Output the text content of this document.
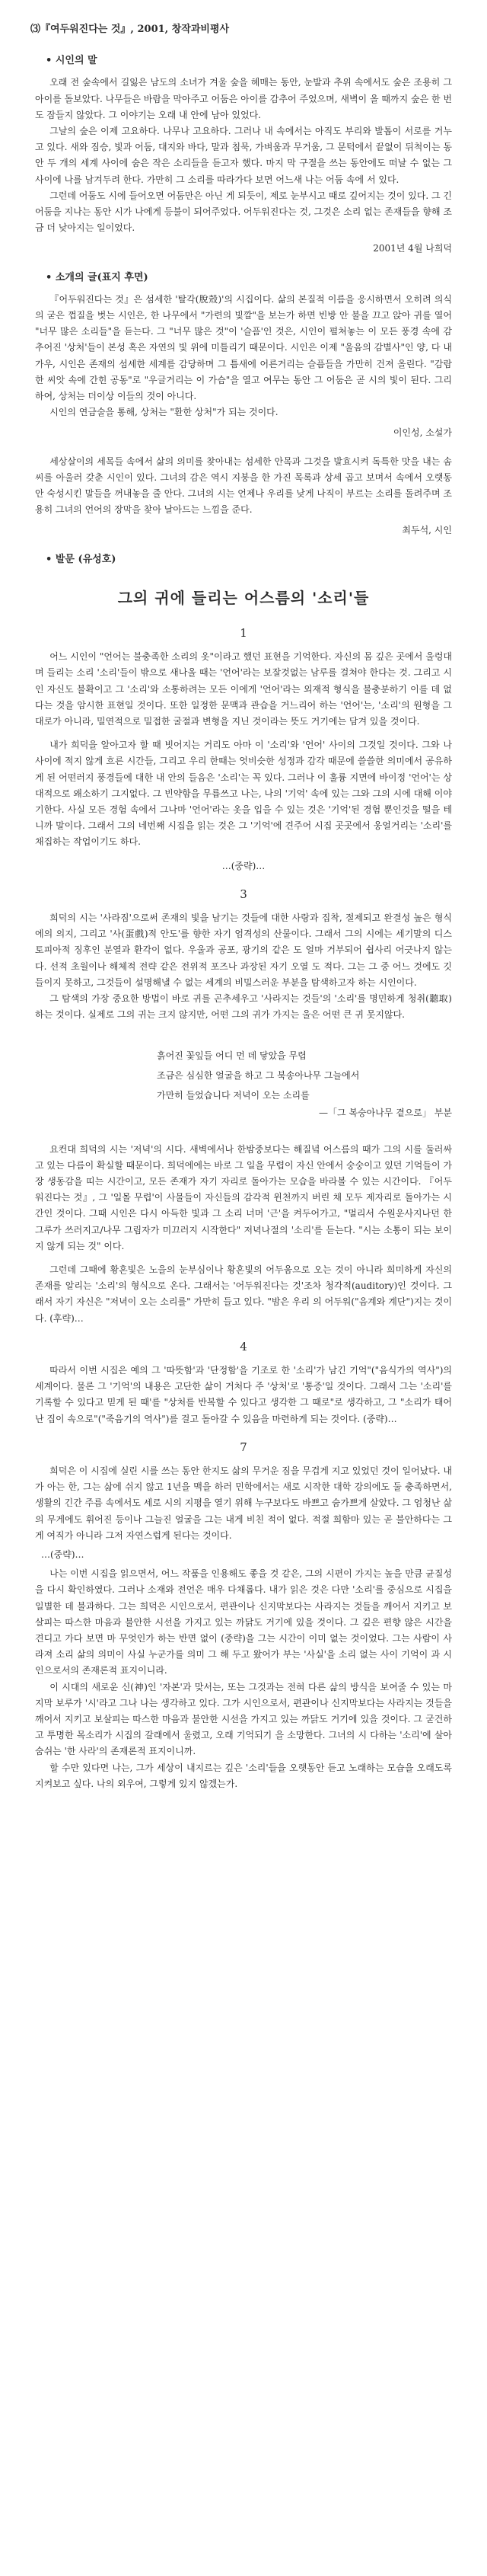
⑶『여두워진다는 것』, 2001, 창작과비평사
• 시인의 말

오래 전 숲속에서 길잃은 남도의 소녀가 겨울 숲을 헤매는 동안, 눈발과 추위 속에서도 숲은 조용히 그 아이를 돌보았다. 나무들은 바람을 막아주고 어둠은 아이를 감추어 주었으며, 새벽이 올 때까지 숲은 한 번도 잠들지 않았다. 그 이야기는 오래 내 안에 남아 있었다.

그날의 숲은 이제 고요하다. 나무나 고요하다. 그러나 내 속에서는 아직도 부리와 발톱이 서로를 거누고 있다. 새와 짐승, 빛과 어둠, 대지와 바다, 말과 침묵, 가벼움과 무거움, 그 문턱에서 끝없이 뒤척이는 동안 두 개의 세계 사이에 숨은 작은 소리들을 듣고자 했다. 마지 막 구절을 쓰는 동안에도 떠날 수 없는 그 사이에 나를 남겨두려 한다. 가만히 그 소리를 따라가다 보면 어느새 나는 어둠 속에 서 있다.

그런데 어둠도 시에 들어오면 어둠만은 아닌 게 되듯이, 제로 눈부시고 때로 깊어지는 것이 있다. 그 긴 어둠을 지나는 동안 시가 나에게 등불이 되어주었다. 어두워진다는 것, 그것은 소리 없는 존재들을 향해 조금 더 낮아지는 일이었다.

2001년 4월 나희덕
• 소개의 글(표지 후면)

『어두워진다는 것』은 섬세한 '탈각(脫殼)'의 시집이다. 삶의 본질적 이름을 응시하면서 오히려 의식의 굳은 껍질을 벗는 시인은, 한 나무에서 "가련의 빛깔"을 보는가 하면 빈방 안 불을 끄고 앉아 귀를 열어 "너무 많은 소리들"을 듣는다. 그 "너무 많은 것"이 '슬픔'인 것은, 시인이 펼쳐놓는 이 모든 풍경 속에 감추어진 '상처'들이 본성 혹은 자연의 빛 위에 미틀리기 때문이다. 시인은 이제 "울음의 감별사"인 양, 다 내가우, 시인은 존재의 섬세한 세계를 감당하며 그 틈새에 어른거리는 슬픔들을 가만히 건져 올린다. "감람한 씨앗 속에 간힌 공동"로 "우글거리는 이 가슴"을 열고 여무는 동안 그 어둠은 곧 시의 빛이 된다. 그리하여, 상처는 더이상 이들의 것이 아니다.

시인의 연금술을 통해, 상처는 "환한 상처"가 되는 것이다.

이인성, 소설가

세상살이의 세목들 속에서 삶의 의미를 찾아내는 섬세한 안목과 그것을 발효시켜 독특한 맛을 내는 솜씨를 아울러 갖춘 시인이 있다. 그녀의 감은 역시 지붕을 한 가진 목록과 상세 곱고 보며서 속에서 오랫동안 숙성시킨 말들을 꺼내놓을 줄 안다. 그녀의 시는 언제나 우리를 낮게 나직이 부르는 소리를 돌려주며 조용히 그녀의 언어의 장막을 찾아 날아드는 느낌을 준다.

최두석, 시인
• 발문 (유성호)
그의 귀에 들리는 어스름의 '소리'들
1

어느 시인이 "언어는 불충족한 소리의 옷"이라고 했던 표현을 기억한다. 자신의 몸 깊은 곳에서 울렁대며 들리는 소리 '소리'들이 밖으로 새나올 때는 '언어'라는 보잘것없는 남루를 걸쳐야 한다는 것. 그리고 시인 자신도 불확이고 그 '소리'와 소통하려는 모든 이에게 '언어'라는 외재적 형식을 불충분하기 이를 데 없다는 것을 암시한 표현일 것이다. 또한 일정한 문맥과 관습을 거느리어 하는 '언어'는, '소리'의 원형을 그대로가 아니라, 밀연적으로 밀접한 굴절과 변형을 지닌 것이라는 뜻도 거기에는 담겨 있을 것이다.

내가 희덕을 알아고자 할 때 빗어지는 거리도 아마 이 '소리'와 '언어' 사이의 그것일 것이다. 그와 나 사이에 적지 않게 흐른 시간들, 그리고 우리 한때는 엇비슷한 성정과 감각 때문에 쓸쓸한 의미에서 공유하게 된 어떤러지 풍경들에 대한 내 안의 들음은 '소리'는 꼭 있다. 그러나 이 훌륭 지면에 바이정 '언어'는 상대적으로 왜소하기 그지없다. 그 빈약함을 무릅쓰고 나는, 나의 '기억' 속에 있는 그와 그의 시에 대해 이야기한다. 사실 모든 경험 속에서 그나마 '언어'라는 옷을 입을 수 있는 것은 '기억'된 경험 뿐인것을 떨을 테니까 말이다. 그래서 그의 네번째 시집을 읽는 것은 그 '기억'에 견주어 시집 곳곳에서 웅얼거리는 '소리'를 채집하는 작업이기도 하다.

…(중략)…
3

희덕의 시는 '사라짐'으로써 존재의 빛을 남기는 것들에 대한 사랑과 집착, 절제되고 완결성 높은 형식에의 의지, 그리고 '사(蛋戲)적 안도'를 향한 자기 엄격성의 산물이다. 그래서 그의 시에는 세기말의 디스토피아적 징후인 분열과 환각이 없다. 우울과 공포, 광기의 같은 도 얼마 거부되어 쉽사리 어긋나지 않는다. 선적 초월이나 해체적 전략 같은 전위적 포즈나 과장된 자기 오열 도 적다. 그는 그 중 어느 것에도 깃들이지 못하고, 그것들이 설명해낼 수 없는 세계의 비밀스러운 부분을 탐색하고자 하는 시인이다.

그 탐색의 가장 중요한 방법이 바로 귀를 곤추세우고 '사라지는 것들'의 '소리'를 명민하게 청취(聽取)하는 것이다. 실제로 그의 귀는 크지 않지만, 어떤 그의 귀가 가지는 울은 어떤 큰 귀 못지않다.

흙어진 꽃잎들 어디 먼 데 닿았을 무렵
조금은 심심한 얼굴을 하고 그 북송아나무 그늘에서
가만히 들었습니다 저녁이 오는 소리를
—「그 복숭아나무 곁으로」 부분

요컨대 희덕의 시는 '저녁'의 시다. 새벽에서나 한밤중보다는 해질녘 어스름의 때가 그의 시를 둘러싸고 있는 다름이 확실할 때문이다. 희덕에에는 바로 그 일을 무렵이 자신 안에서 숭숭이고 있던 기억들이 가장 생동감을 띠는 시간이고, 모든 존재가 자기 자리로 돌아가는 모습을 바라볼 수 있는 시간이다. 『어두워진다는 것』, 그 '일몰 무렵'이 사물들이 자신들의 감각적 윈천까지 버린 채 모두 제자리로 돌아가는 시간인 것이다. 그때 시인은 다시 아득한 빛과 그 소리 너머 '근'을 켜두어가고, "멀리서 수원운사지나던 한그루가 쓰러지고/나무 그림자가 미끄러지 시작한다" 저녁나절의 '소리'를 듣는다. "시는 소통이 되는 보이지 않게 되는 것" 이다.

그런데 그때에 황혼빛은 노을의 눈부심이나 황혼빛의 어두움으로 오는 것이 아니라 희미하게 자신의 존재를 알리는 '소리'의 형식으로 온다. 그래서는 '어두워진다는 것'조차 청각적(auditory)인 것이다. 그래서 자기 자신은 "저녁이 오는 소리를" 가만히 들고 있다. "밤은 우리 의 어두워("음계와 계단")지는 것이다. (후략)…

4

따라서 이번 시집은 예의 그 '따뜻함'과 '단정함'을 기조로 한 '소리'가 남긴 기억"("음식가의 역사")의 세계이다. 물론 그 '기억'의 내용은 고단한 삶이 거처다 주 '상처'로 '통증'일 것이다. 그래서 그는 '소리'를 기록할 수 있다고 믿게 된 때'를 "상처를 반복할 수 있다고 생각한 그 때로"로 생각하고, 그 "소리가 태어난 집이 속으로"("죽음기의 역사")를 걸고 돌아갈 수 있음을 마련하게 되는 것이다. (중략)…

7

희덕은 이 시집에 실린 시를 쓰는 동안 한지도 삶의 무거운 짐을 무겁게 지고 있었던 것이 일어났다. 내가 아는 한, 그는 삶에 쉬지 않고 1년을 맥을 하러 민학에서는 새로 시작한 대학 강의에도 둘 충족하면서, 생활의 긴간 주름 속에서도 세로 시의 지평을 열기 위해 누구보다도 바쁘고 숨가쁘게 살았다. 그 엄청난 삶의 무게에도 휘어진 등이나 그늘진 얼굴을 그는 내게 비친 적이 없다. 적절 희함마 있는 곧 불안하다는 그게 여직가 아니라 그저 자연스럽게 된다는 것이다.

…(중략)…

나는 이번 시집을 읽으면서, 어느 작품을 인용해도 좋을 것 같은, 그의 시편이 가지는 높을 만큼 균질성을 다시 확인하였다. 그러나 소재와 전언은 매우 다채롭다. 내가 읽은 것은 다만 '소리'를 중심으로 시집을 일별한 데 불과하다. 그는 희덕은 시인으로서, 편관이나 신지막보다는 사라지는 것들을 깨어서 지키고 보살피는 따스한 마음과 불안한 시선을 가지고 있는 까닭도 거기에 있을 것이다. 그 깊은 편향 않은 시간을 견디고 가다 보면 마 무엇인가 하는 반면 없이 (중략)을 그는 시간이 이미 없는 것이었다. 그는 사람이 사라져 소리 삶의 의미이 사실 누군가를 의미 그 해 두고 왔어가 부는 '사실'을 소리 없는 사이 기억이 과 시인으로서의 존재론적 표지이니라.

이 시대의 새로운 신(神)인 '자본'과 맞서는, 또는 그것과는 전혀 다른 삶의 방식을 보여줄 수 있는 마지막 보루가 '시'라고 그나 나는 생각하고 있다. 그가 시인으로서, 편관이나 신지막보다는 사라지는 것들을 깨어서 지키고 보살피는 따스한 마음과 불안한 시선을 가지고 있는 까닭도 거기에 있을 것이다. 그 굳건하고 투명한 목소리가 시집의 갈래에서 울렸고, 오래 기억되기 을 소망한다. 그녀의 시 다하는 '소리'에 살아 숨쉬는 '한 사라'의 존재론적 표지이니까.

할 수만 있다면 나는, 그가 세상이 내지르는 깊은 '소리'들을 오랫동안 듣고 노래하는 모습을 오래도록 지켜보고 싶다. 나의 외우여, 그렇게 있지 않겠는가.
